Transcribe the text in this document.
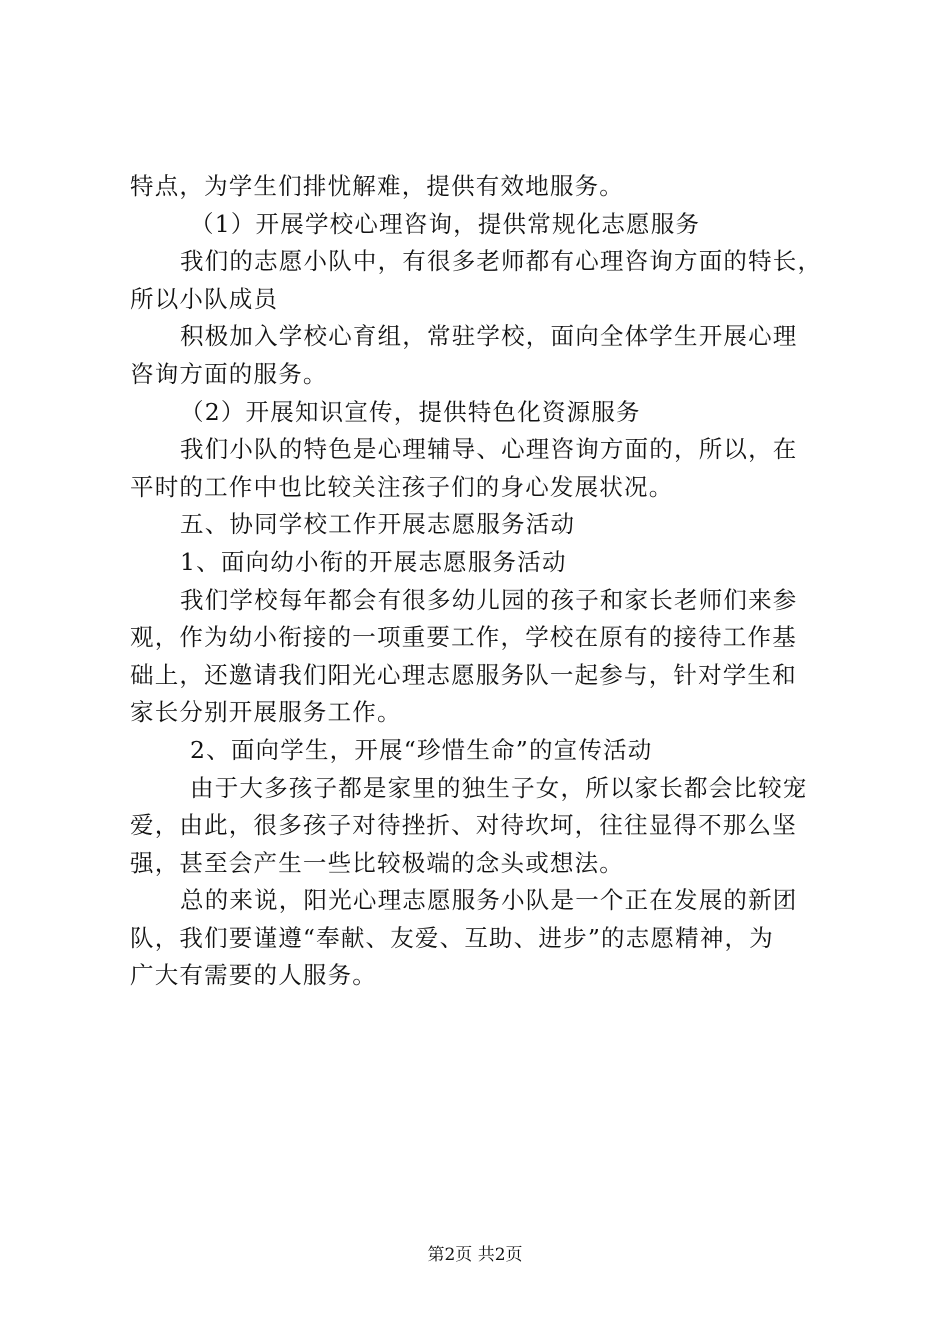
特点，为学生们排忧解难，提供有效地服务。
（1）开展学校心理咨询，提供常规化志愿服务
我们的志愿小队中，有很多老师都有心理咨询方面的特长，
所以小队成员
积极加入学校心育组，常驻学校，面向全体学生开展心理
咨询方面的服务。
（2）开展知识宣传，提供特色化资源服务
我们小队的特色是心理辅导、心理咨询方面的，所以，在
平时的工作中也比较关注孩子们的身心发展状况。
五、协同学校工作开展志愿服务活动
1、面向幼小衔的开展志愿服务活动
我们学校每年都会有很多幼儿园的孩子和家长老师们来参
观，作为幼小衔接的一项重要工作，学校在原有的接待工作基
础上，还邀请我们阳光心理志愿服务队一起参与，针对学生和
家长分别开展服务工作。
2、面向学生，开展“珍惜生命”的宣传活动
由于大多孩子都是家里的独生子女，所以家长都会比较宠
爱，由此，很多孩子对待挫折、对待坎坷，往往显得不那么坚
强，甚至会产生一些比较极端的念头或想法。
总的来说，阳光心理志愿服务小队是一个正在发展的新团
队，我们要谨遵“奉献、友爱、互助、进步”的志愿精神，为
广大有需要的人服务。
第2页 共2页
